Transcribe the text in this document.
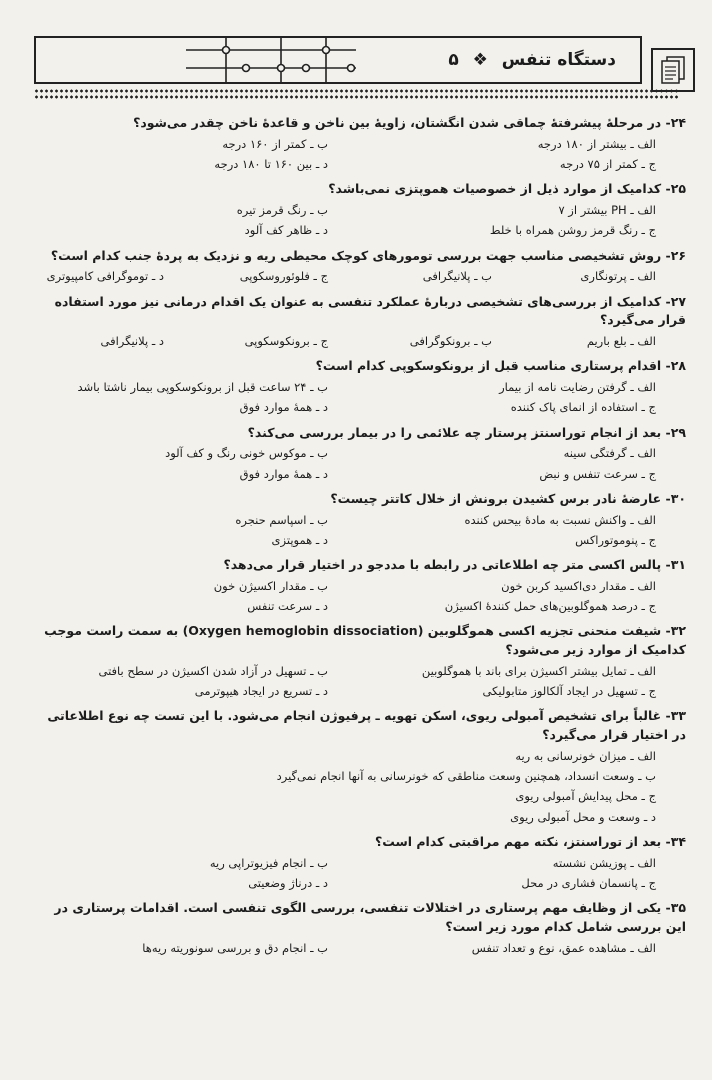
دستگاه تنفس ❖ ۵
۲۴- در مرحلهٔ پیشرفتهٔ چماقی شدن انگشتان، زاویهٔ بین ناخن و قاعدهٔ ناخن چقدر می‌شود؟
الف ـ بیشتر از ۱۸۰ درجه
ب ـ کمتر از ۱۶۰ درجه
ج ـ کمتر از ۷۵ درجه
د ـ بین ۱۶۰ تا ۱۸۰ درجه
۲۵- کدامیک از موارد ذیل از خصوصیات هموپتزی نمی‌باشد؟
الف ـ PH بیشتر از ۷
ب ـ رنگ قرمز تیره
ج ـ رنگ قرمز روشن همراه با خلط
د ـ ظاهر کف آلود
۲۶- روش تشخیصی مناسب جهت بررسی تومورهای کوچک محیطی ریه و نزدیک به پردهٔ جنب کدام است؟
الف ـ پرتونگاری
ب ـ پلانیگرافی
ج ـ فلوئوروسکوپی
د ـ توموگرافی کامپیوتری
۲۷- کدامیک از بررسی‌های تشخیصی دربارهٔ عملکرد تنفسی به عنوان یک اقدام درمانی نیز مورد استفاده قرار می‌گیرد؟
الف ـ بلع باریم
ب ـ برونکوگرافی
ج ـ برونکوسکوپی
د ـ پلانیگرافی
۲۸- اقدام پرستاری مناسب قبل از برونکوسکوپی کدام است؟
الف ـ گرفتن رضایت نامه از بیمار
ب ـ ۲۴ ساعت قبل از برونکوسکوپی بیمار ناشتا باشد
ج ـ استفاده از انمای پاک کننده
د ـ همهٔ موارد فوق
۲۹- بعد از انجام توراسنتز پرستار چه علائمی را در بیمار بررسی می‌کند؟
الف ـ گرفتگی سینه
ب ـ موکوس خونی رنگ و کف آلود
ج ـ سرعت تنفس و نبض
د ـ همهٔ موارد فوق
۳۰- عارضهٔ نادر برس کشیدن برونش از خلال کاتتر چیست؟
الف ـ واکنش نسبت به مادهٔ بیحس کننده
ب ـ اسپاسم حنجره
ج ـ پنوموتوراکس
د ـ هموپتزی
۳۱- پالس اکسی متر چه اطلاعاتی در رابطه با مددجو در اختیار قرار می‌دهد؟
الف ـ مقدار دی‌اکسید کربن خون
ب ـ مقدار اکسیژن خون
ج ـ درصد هموگلوبین‌های حمل کنندهٔ اکسیژن
د ـ سرعت تنفس
۳۲- شیفت منحنی تجزیه اکسی هموگلوبین (Oxygen hemoglobin dissociation) به سمت راست موجب کدامیک از موارد زیر می‌شود؟
الف ـ تمایل بیشتر اکسیژن برای باند با هموگلوبین
ب ـ تسهیل در آزاد شدن اکسیژن در سطح بافتی
ج ـ تسهیل در ایجاد آلکالوز متابولیکی
د ـ تسریع در ایجاد هیپوترمی
۳۳- غالباً برای تشخیص آمبولی ریوی، اسکن تهویه ـ پرفیوژن انجام می‌شود. با این تست چه نوع اطلاعاتی در اختیار قرار می‌گیرد؟
الف ـ میزان خونرسانی به ریه
ب ـ وسعت انسداد، همچنین وسعت مناطقی که خونرسانی به آنها انجام نمی‌گیرد
ج ـ محل پیدایش آمبولی ریوی
د ـ وسعت و محل آمبولی ریوی
۳۴- بعد از توراسنتز، نکته مهم مراقبتی کدام است؟
الف ـ پوزیشن نشسته
ب ـ انجام فیزیوتراپی ریه
ج ـ پانسمان فشاری در محل
د ـ درناژ وضعیتی
۳۵- یکی از وظایف مهم پرستاری در اختلالات تنفسی، بررسی الگوی تنفسی است. اقدامات پرستاری در این بررسی شامل کدام مورد زیر است؟
الف ـ مشاهده عمق، نوع و تعداد تنفس
ب ـ انجام دق و بررسی سونوریته ریه‌ها
